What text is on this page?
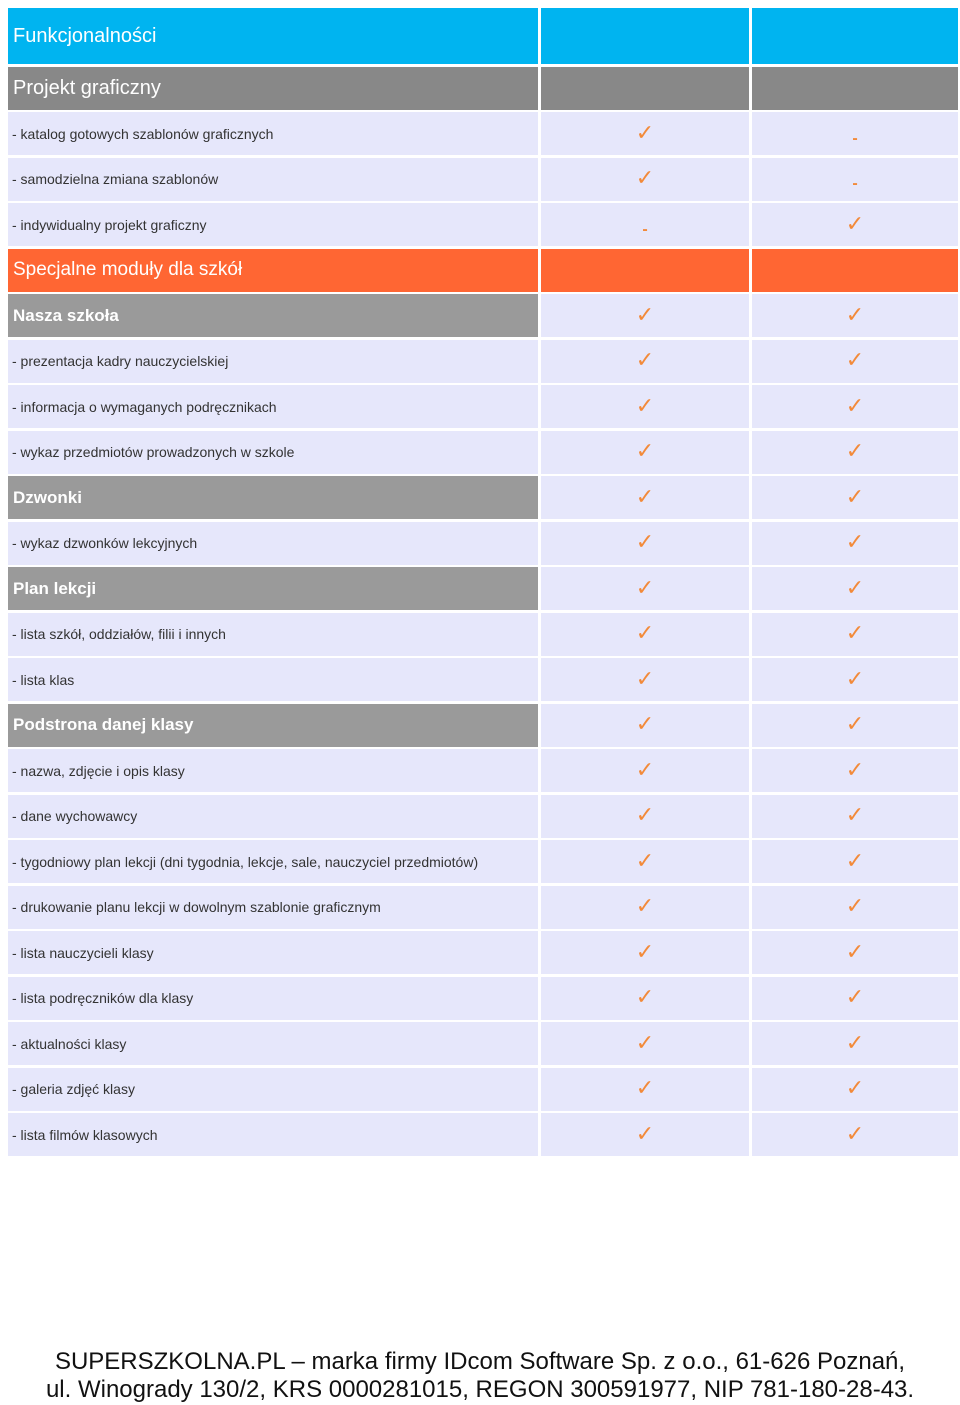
Funkcjonalności
Projekt graficzny
- katalog gotowych szablonów graficznych	✓	-
- samodzielna zmiana szablonów	✓	-
- indywidualny projekt graficzny	-	✓
Specjalne moduły dla szkół
Nasza szkoła	✓	✓
- prezentacja kadry nauczycielskiej	✓	✓
- informacja o wymaganych podręcznikach	✓	✓
- wykaz przedmiotów prowadzonych w szkole	✓	✓
Dzwonki	✓	✓
- wykaz dzwonków lekcyjnych	✓	✓
Plan lekcji	✓	✓
- lista szkół, oddziałów, filii i innych	✓	✓
- lista klas	✓	✓
Podstrona danej klasy	✓	✓
- nazwa, zdjęcie i opis klasy	✓	✓
- dane wychowawcy	✓	✓
- tygodniowy plan lekcji (dni tygodnia, lekcje, sale, nauczyciel przedmiotów)	✓	✓
- drukowanie planu lekcji w dowolnym szablonie graficznym	✓	✓
- lista nauczycieli klasy	✓	✓
- lista podręczników dla klasy	✓	✓
- aktualności klasy	✓	✓
- galeria zdjęć klasy	✓	✓
- lista filmów klasowych	✓	✓
SUPERSZKOLNA.PL – marka firmy IDcom Software Sp. z o.o., 61-626 Poznań,
ul. Winogrady 130/2, KRS 0000281015, REGON 300591977, NIP 781-180-28-43.
